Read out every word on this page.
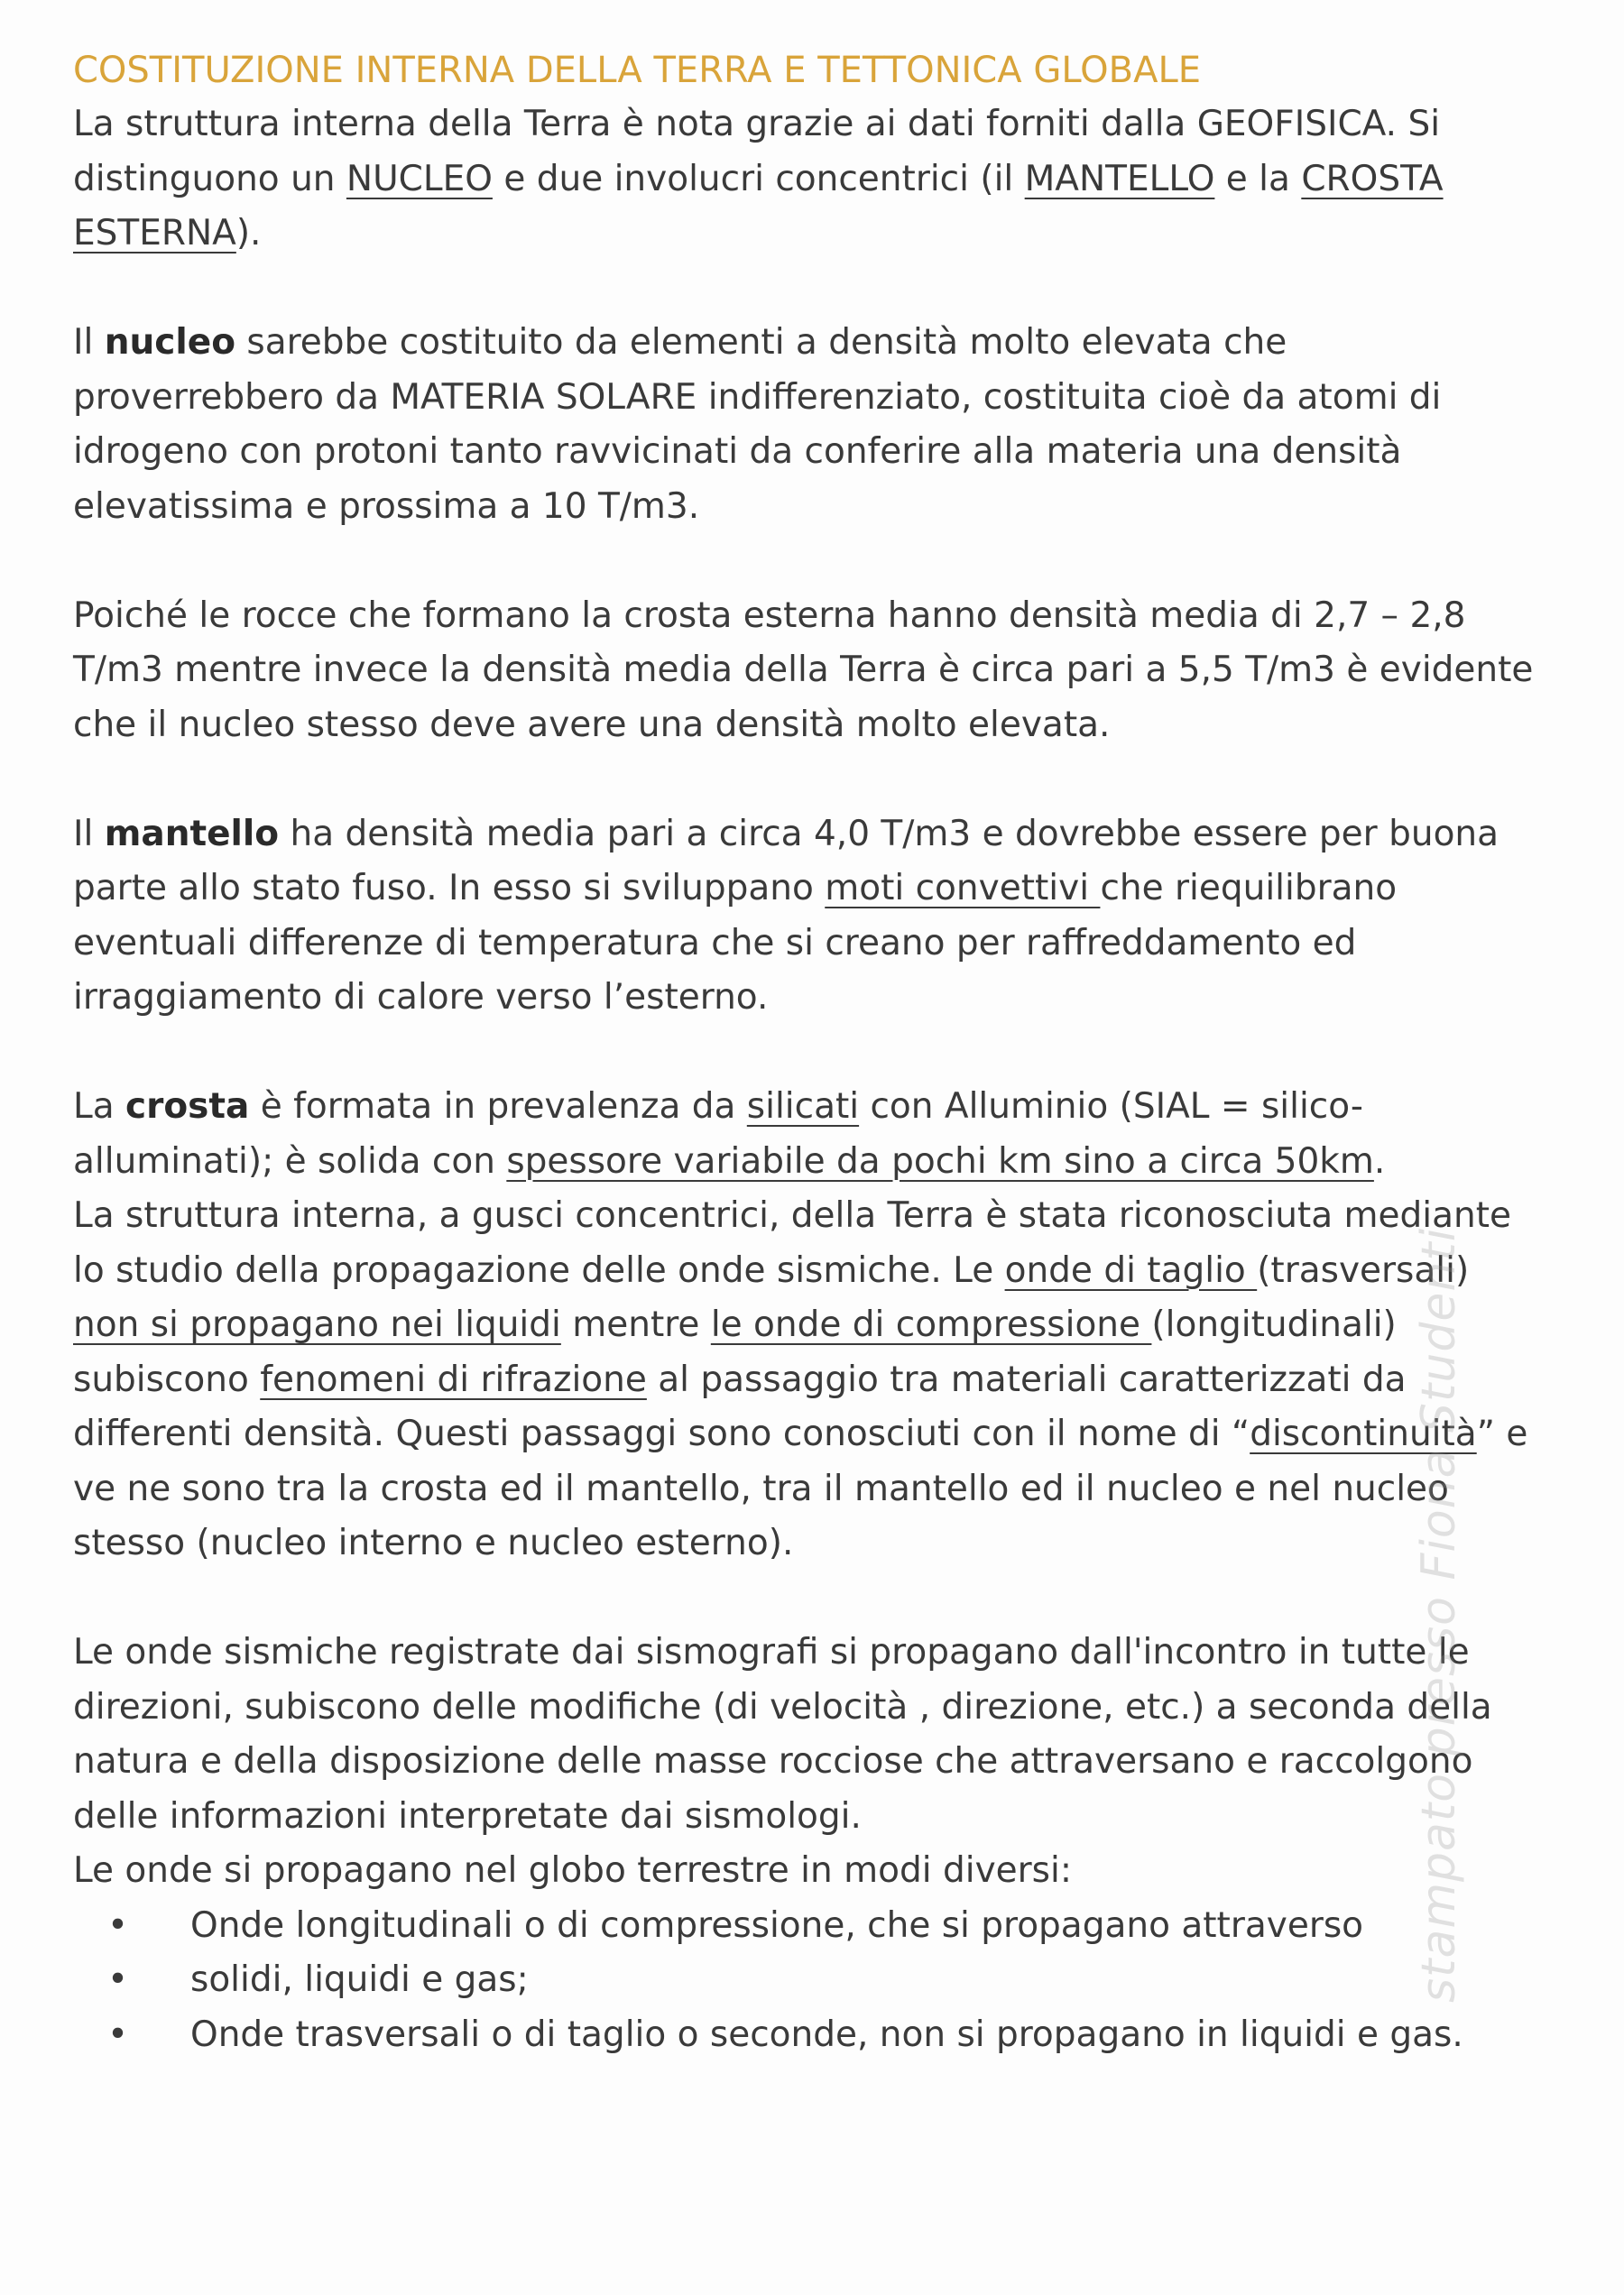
COSTITUZIONE INTERNA DELLA TERRA E TETTONICA GLOBALE

La struttura interna della Terra è nota grazie ai dati forniti dalla GEOFISICA. Si distinguono un NUCLEO e due involucri concentrici (il MANTELLO e la CROSTA ESTERNA).

Il nucleo sarebbe costituito da elementi a densità molto elevata che proverrebbero da MATERIA SOLARE indifferenziato, costituita cioè da atomi di idrogeno con protoni tanto ravvicinati da conferire alla materia una densità elevatissima e prossima a 10 T/m3.

Poiché le rocce che formano la crosta esterna hanno densità media di 2,7 – 2,8 T/m3 mentre invece la densità media della Terra è circa pari a 5,5 T/m3 è evidente che il nucleo stesso deve avere una densità molto elevata.

Il mantello ha densità media pari a circa 4,0 T/m3 e dovrebbe essere per buona parte allo stato fuso. In esso si sviluppano moti convettivi che riequilibrano eventuali differenze di temperatura che si creano per raffreddamento ed irraggiamento di calore verso l’esterno.

La crosta è formata in prevalenza da silicati con Alluminio (SIAL = silico-alluminati); è solida con spessore variabile da pochi km sino a circa 50km.
La struttura interna, a gusci concentrici, della Terra è stata riconosciuta mediante lo studio della propagazione delle onde sismiche. Le onde di taglio (trasversali) non si propagano nei liquidi mentre le onde di compressione (longitudinali) subiscono fenomeni di rifrazione al passaggio tra materiali caratterizzati da differenti densità. Questi passaggi sono conosciuti con il nome di “discontinuità” e ve ne sono tra la crosta ed il mantello, tra il mantello ed il nucleo e nel nucleo stesso (nucleo interno e nucleo esterno).

Le onde sismiche registrate dai sismografi si propagano dall'incontro in tutte le direzioni, subiscono delle modifiche (di velocità , direzione, etc.) a seconda della natura e della disposizione delle masse rocciose che attraversano e raccolgono delle informazioni interpretate dai sismologi.

Le onde si propagano nel globo terrestre in modi diversi:

• Onde longitudinali o di compressione, che si propagano attraverso
• solidi, liquidi e gas;
• Onde trasversali o di taglio o seconde, non si propagano in liquidi e gas.
stampato presso Fiona Studenti
